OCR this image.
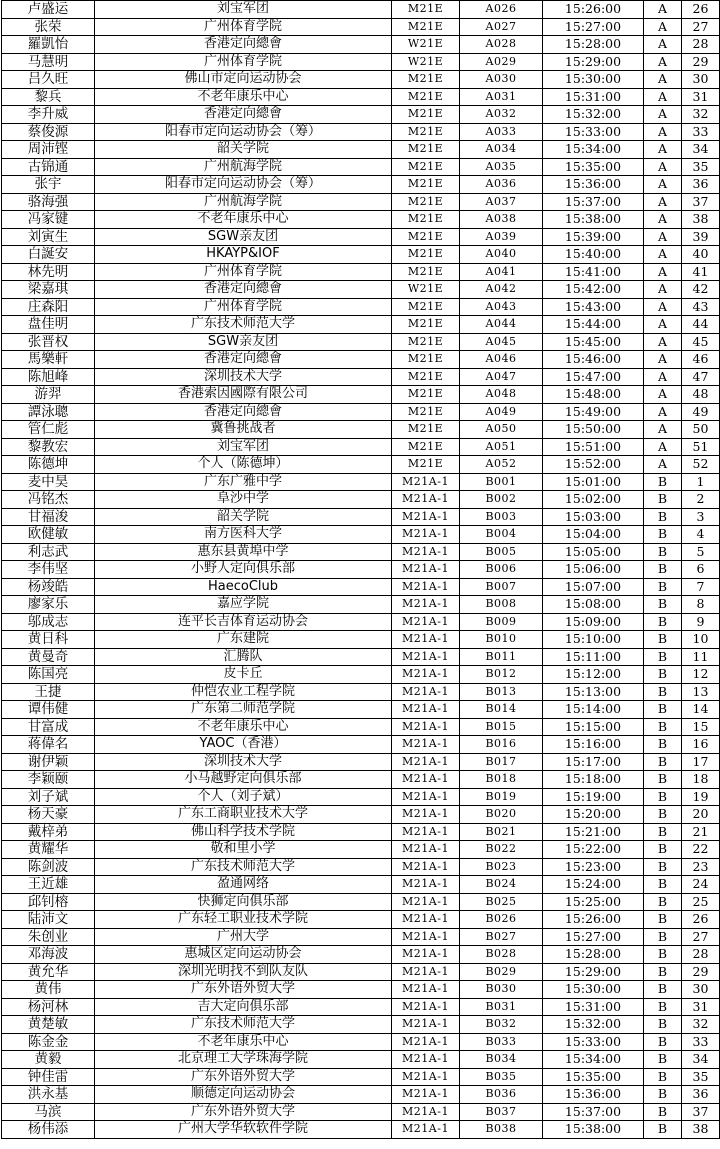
卢盛运	刘宝军团	M21E	A026	15:26:00	A	26
张荣	广州体育学院	M21E	A027	15:27:00	A	27
羅凱怡	香港定向總會	W21E	A028	15:28:00	A	28
马慧明	广州体育学院	W21E	A029	15:29:00	A	29
吕久旺	佛山市定向运动协会	M21E	A030	15:30:00	A	30
黎兵	不老年康乐中心	M21E	A031	15:31:00	A	31
李升威	香港定向總會	M21E	A032	15:32:00	A	32
蔡俊源	阳春市定向运动协会（筹）	M21E	A033	15:33:00	A	33
周沛铿	韶关学院	M21E	A034	15:34:00	A	34
古锦通	广州航海学院	M21E	A035	15:35:00	A	35
张宇	阳春市定向运动协会（筹）	M21E	A036	15:36:00	A	36
骆海强	广州航海学院	M21E	A037	15:37:00	A	37
冯家键	不老年康乐中心	M21E	A038	15:38:00	A	38
刘寅生	SGW亲友团	M21E	A039	15:39:00	A	39
白誕安	HKAYP&IOF	M21E	A040	15:40:00	A	40
林先明	广州体育学院	M21E	A041	15:41:00	A	41
梁嘉琪	香港定向總會	W21E	A042	15:42:00	A	42
庄森阳	广州体育学院	M21E	A043	15:43:00	A	43
盘佳明	广东技术师范大学	M21E	A044	15:44:00	A	44
张晋权	SGW亲友团	M21E	A045	15:45:00	A	45
馬樂軒	香港定向總會	M21E	A046	15:46:00	A	46
陈旭峰	深圳技术大学	M21E	A047	15:47:00	A	47
游羿	香港索因國際有限公司	M21E	A048	15:48:00	A	48
譚泳聰	香港定向總會	M21E	A049	15:49:00	A	49
管仁彪	冀鲁挑战者	M21E	A050	15:50:00	A	50
黎教宏	刘宝军团	M21E	A051	15:51:00	A	51
陈德坤	个人（陈德坤）	M21E	A052	15:52:00	A	52
麦中昊	广东广雅中学	M21A-1	B001	15:01:00	B	1
冯铭杰	阜沙中学	M21A-1	B002	15:02:00	B	2
甘福浚	韶关学院	M21A-1	B003	15:03:00	B	3
欧健敏	南方医科大学	M21A-1	B004	15:04:00	B	4
利志武	惠东县黄埠中学	M21A-1	B005	15:05:00	B	5
李伟坚	小野人定向俱乐部	M21A-1	B006	15:06:00	B	6
杨竣皓	HaecoClub	M21A-1	B007	15:07:00	B	7
廖家乐	嘉应学院	M21A-1	B008	15:08:00	B	8
邬成志	连平长吉体育运动协会	M21A-1	B009	15:09:00	B	9
黄日科	广东建院	M21A-1	B010	15:10:00	B	10
黄曼奇	汇腾队	M21A-1	B011	15:11:00	B	11
陈国亮	皮卡丘	M21A-1	B012	15:12:00	B	12
王捷	仲恺农业工程学院	M21A-1	B013	15:13:00	B	13
谭伟健	广东第二师范学院	M21A-1	B014	15:14:00	B	14
甘富成	不老年康乐中心	M21A-1	B015	15:15:00	B	15
蒋偉名	YAOC（香港）	M21A-1	B016	15:16:00	B	16
谢伊颖	深圳技术大学	M21A-1	B017	15:17:00	B	17
李颖颐	小马越野定向俱乐部	M21A-1	B018	15:18:00	B	18
刘子斌	个人（刘子斌）	M21A-1	B019	15:19:00	B	19
杨天豪	广东工商职业技术大学	M21A-1	B020	15:20:00	B	20
戴梓弟	佛山科学技术学院	M21A-1	B021	15:21:00	B	21
黄耀华	敬和里小学	M21A-1	B022	15:22:00	B	22
陈剑波	广东技术师范大学	M21A-1	B023	15:23:00	B	23
王近雄	盈通网络	M21A-1	B024	15:24:00	B	24
邱钊榕	快狮定向俱乐部	M21A-1	B025	15:25:00	B	25
陆沛文	广东轻工职业技术学院	M21A-1	B026	15:26:00	B	26
朱创业	广州大学	M21A-1	B027	15:27:00	B	27
邓海波	惠城区定向运动协会	M21A-1	B028	15:28:00	B	28
黄允华	深圳光明找不到队友队	M21A-1	B029	15:29:00	B	29
黄伟	广东外语外贸大学	M21A-1	B030	15:30:00	B	30
杨河林	吉大定向俱乐部	M21A-1	B031	15:31:00	B	31
黄楚敏	广东技术师范大学	M21A-1	B032	15:32:00	B	32
陈金金	不老年康乐中心	M21A-1	B033	15:33:00	B	33
黄毅	北京理工大学珠海学院	M21A-1	B034	15:34:00	B	34
钟佳雷	广东外语外贸大学	M21A-1	B035	15:35:00	B	35
洪永基	顺德定向运动协会	M21A-1	B036	15:36:00	B	36
马滨	广东外语外贸大学	M21A-1	B037	15:37:00	B	37
杨伟添	广州大学华软软件学院	M21A-1	B038	15:38:00	B	38
